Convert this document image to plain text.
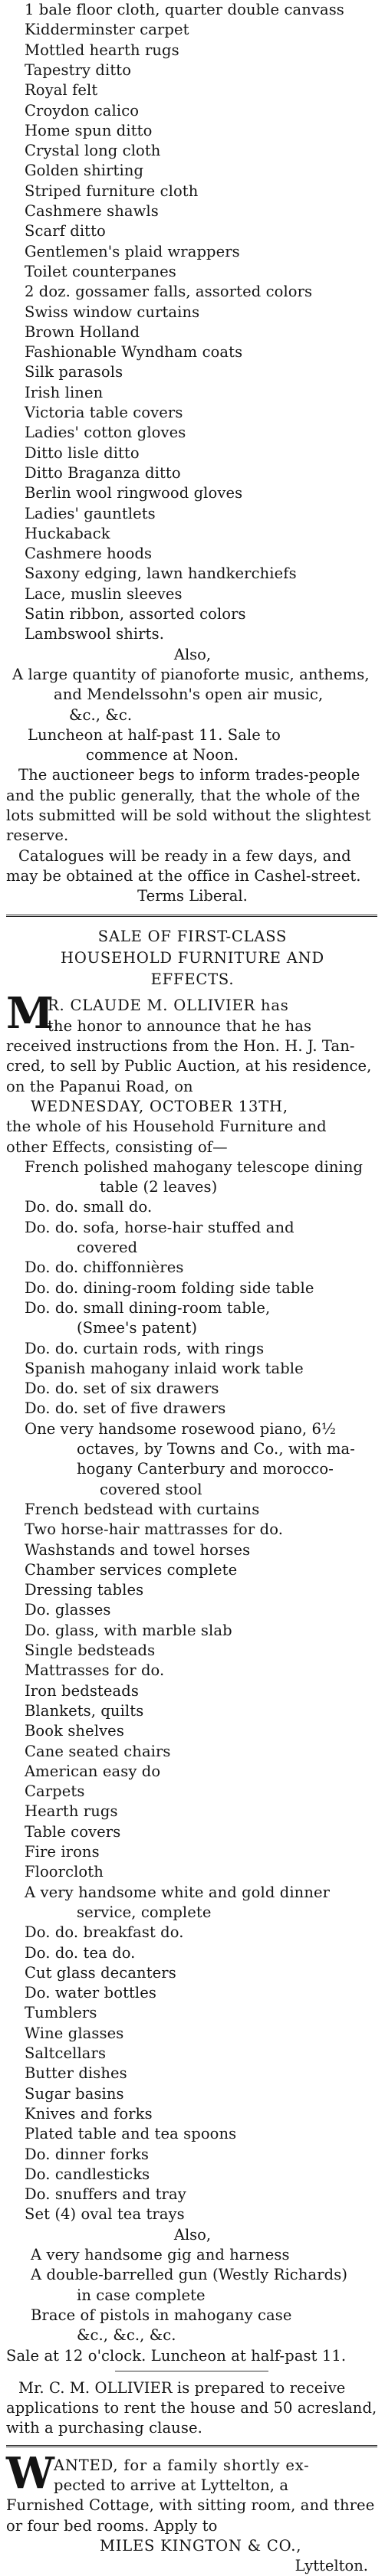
1 bale floor cloth, quarter double canvass
Kidderminster carpet
Mottled hearth rugs
Tapestry ditto
Royal felt
Croydon calico
Home spun ditto
Crystal long cloth
Golden shirting
Striped furniture cloth
Cashmere shawls
Scarf ditto
Gentlemen's plaid wrappers
Toilet counterpanes
2 doz. gossamer falls, assorted colors
Swiss window curtains
Brown Holland
Fashionable Wyndham coats
Silk parasols
Irish linen
Victoria table covers
Ladies' cotton gloves
Ditto lisle ditto
Ditto Braganza ditto
Berlin wool ringwood gloves
Ladies' gauntlets
Huckaback
Cashmere hoods
Saxony edging, lawn handkerchiefs
Lace, muslin sleeves
Satin ribbon, assorted colors
Lambswool shirts.
Also,
A large quantity of pianoforte music, anthems,
and Mendelssohn's open air music,
&c., &c.
Luncheon at half-past 11. Sale to
commence at Noon.
The auctioneer begs to inform trades-people
and the public generally, that the whole of the
lots submitted will be sold without the slightest
reserve.
Catalogues will be ready in a few days, and
may be obtained at the office in Cashel-street.
Terms Liberal.
SALE OF FIRST-CLASS
HOUSEHOLD FURNITURE AND
EFFECTS.
M
R. CLAUDE M. OLLIVIER has
the honor to announce that he has
received instructions from the Hon. H. J. Tan-
cred, to sell by Public Auction, at his residence,
on the Papanui Road, on
WEDNESDAY, OCTOBER 13TH,
the whole of his Household Furniture and
other Effects, consisting of—
French polished mahogany telescope dining
table (2 leaves)
Do. do. small do.
Do. do. sofa, horse-hair stuffed and
covered
Do. do. chiffonnières
Do. do. dining-room folding side table
Do. do. small dining-room table,
(Smee's patent)
Do. do. curtain rods, with rings
Spanish mahogany inlaid work table
Do. do. set of six drawers
Do. do. set of five drawers
One very handsome rosewood piano, 6½
octaves, by Towns and Co., with ma-
hogany Canterbury and morocco-
covered stool
French bedstead with curtains
Two horse-hair mattrasses for do.
Washstands and towel horses
Chamber services complete
Dressing tables
Do. glasses
Do. glass, with marble slab
Single bedsteads
Mattrasses for do.
Iron bedsteads
Blankets, quilts
Book shelves
Cane seated chairs
American easy do
Carpets
Hearth rugs
Table covers
Fire irons
Floorcloth
A very handsome white and gold dinner
service, complete
Do. do. breakfast do.
Do. do. tea do.
Cut glass decanters
Do. water bottles
Tumblers
Wine glasses
Saltcellars
Butter dishes
Sugar basins
Knives and forks
Plated table and tea spoons
Do. dinner forks
Do. candlesticks
Do. snuffers and tray
Set (4) oval tea trays
Also,
A very handsome gig and harness
A double-barrelled gun (Westly Richards)
in case complete
Brace of pistols in mahogany case
&c., &c., &c.
Sale at 12 o'clock. Luncheon at half-past 11.
Mr. C. M. OLLIVIER is prepared to receive
applications to rent the house and 50 acresland,
with a purchasing clause.
W ANTED, for a family shortly ex-
pected to arrive at Lyttelton, a
Furnished Cottage, with sitting room, and three
or four bed rooms. Apply to
MILES KINGTON & CO.,
Lyttelton.
